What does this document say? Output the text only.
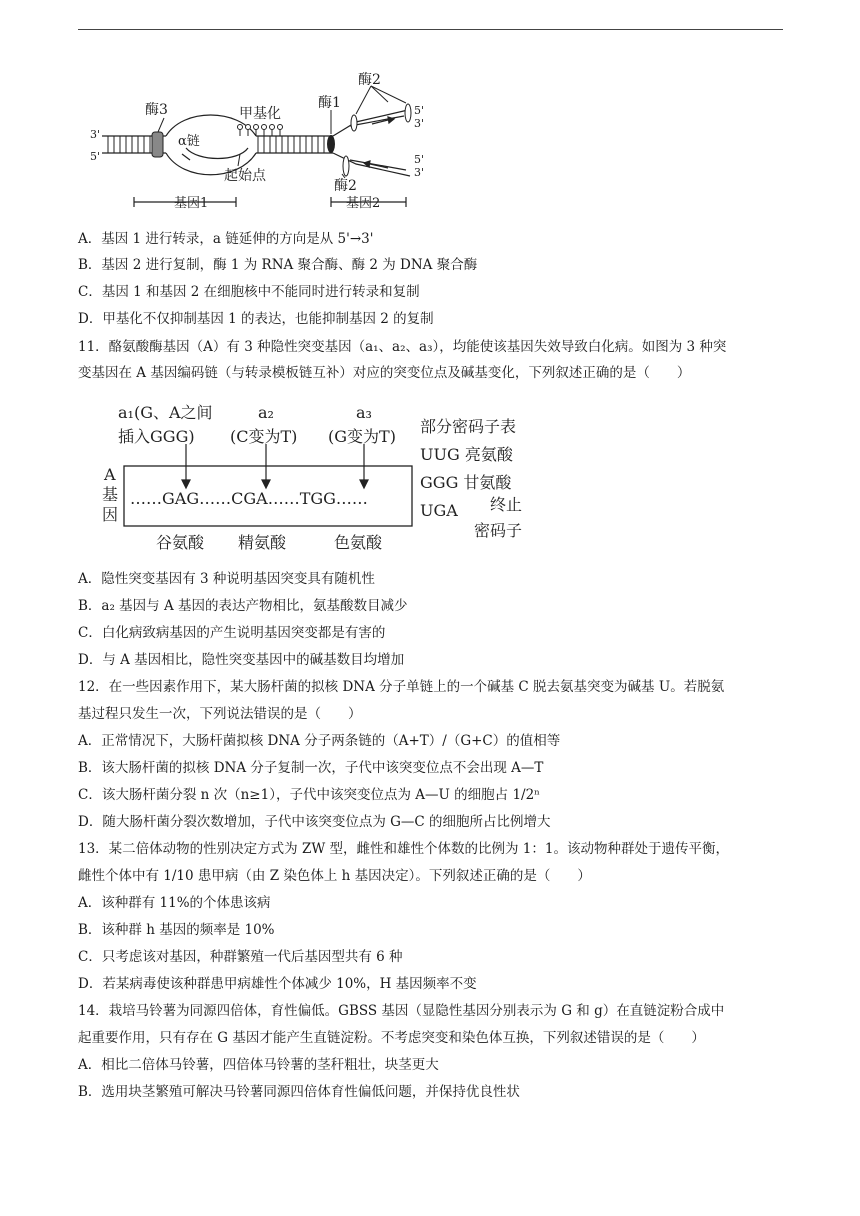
酶3	甲基化
酶1
酶2
酶2
α链
起始点
基因1	基因2
3'
5'
5'
3'
5'
3'
A．基因 1 进行转录，a 链延伸的方向是从 5'→3'
B．基因 2 进行复制，酶 1 为 RNA 聚合酶、酶 2 为 DNA 聚合酶
C．基因 1 和基因 2 在细胞核中不能同时进行转录和复制
D．甲基化不仅抑制基因 1 的表达，也能抑制基因 2 的复制
11．酪氨酸酶基因（A）有 3 种隐性突变基因（a₁、a₂、a₃），均能使该基因失效导致白化病。如图为 3 种突
变基因在 A 基因编码链（与转录模板链互补）对应的突变位点及碱基变化，下列叙述正确的是（　　）
a₁(G、A之间
插入GGG)
a₂
(C变为T)
a₃
(G变为T)
A
基
因
……GAG……CGA……TGG……
谷氨酸 精氨酸	色氨酸
部分密码子表
UUG 亮氨酸
GGG 甘氨酸
UGA 终止
密码子
A．隐性突变基因有 3 种说明基因突变具有随机性
B．a₂ 基因与 A 基因的表达产物相比，氨基酸数目减少
C．白化病致病基因的产生说明基因突变都是有害的
D．与 A 基因相比，隐性突变基因中的碱基数目均增加
12．在一些因素作用下，某大肠杆菌的拟核 DNA 分子单链上的一个碱基 C 脱去氨基突变为碱基 U。若脱氨
基过程只发生一次，下列说法错误的是（　　）
A．正常情况下，大肠杆菌拟核 DNA 分子两条链的（A+T）/（G+C）的值相等
B．该大肠杆菌的拟核 DNA 分子复制一次，子代中该突变位点不会出现 A—T
C．该大肠杆菌分裂 n 次（n≥1），子代中该突变位点为 A—U 的细胞占 1/2ⁿ
D．随大肠杆菌分裂次数增加，子代中该突变位点为 G—C 的细胞所占比例增大
13．某二倍体动物的性别决定方式为 ZW 型，雌性和雄性个体数的比例为 1：1。该动物种群处于遗传平衡，
雌性个体中有 1/10 患甲病（由 Z 染色体上 h 基因决定）。下列叙述正确的是（　　）
A．该种群有 11%的个体患该病
B．该种群 h 基因的频率是 10%
C．只考虑该对基因，种群繁殖一代后基因型共有 6 种
D．若某病毒使该种群患甲病雄性个体减少 10%，H 基因频率不变
14．栽培马铃薯为同源四倍体，育性偏低。GBSS 基因（显隐性基因分别表示为 G 和 g）在直链淀粉合成中
起重要作用，只有存在 G 基因才能产生直链淀粉。不考虑突变和染色体互换，下列叙述错误的是（　　）
A．相比二倍体马铃薯，四倍体马铃薯的茎秆粗壮，块茎更大
B．选用块茎繁殖可解决马铃薯同源四倍体育性偏低问题，并保持优良性状
